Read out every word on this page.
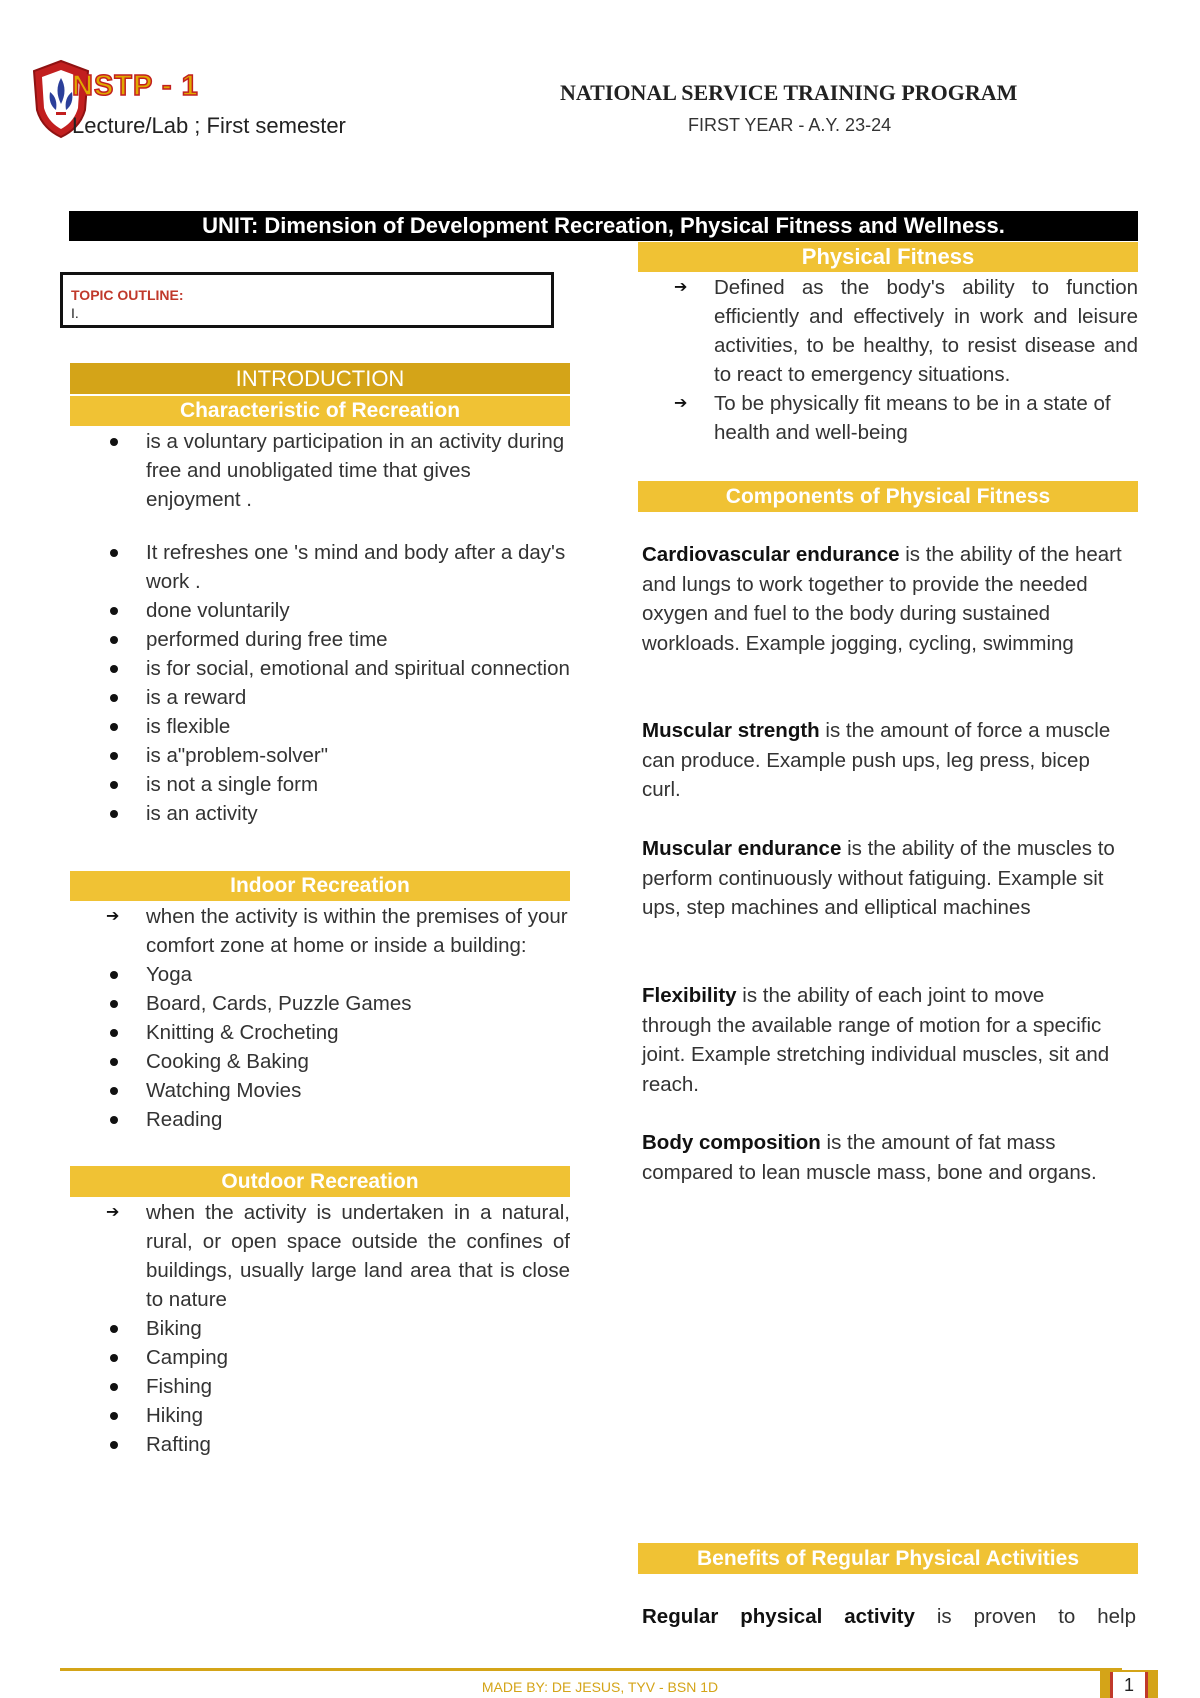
NSTP - 1
Lecture/Lab ; First semester
NATIONAL SERVICE TRAINING PROGRAM
FIRST YEAR - A.Y. 23-24
UNIT: Dimension of Development Recreation, Physical Fitness and Wellness.
TOPIC OUTLINE:
I.
INTRODUCTION
Characteristic of Recreation
is a voluntary participation in an activity during free and unobligated time that gives enjoyment .
It refreshes one 's mind and body after a day's work .
done voluntarily
performed during free time
is for social, emotional and spiritual connection
is a reward
is flexible
is a"problem-solver"
is not a single form
is an activity
Indoor Recreation
➔ when the activity is within the premises of your comfort zone at home or inside a building:
Yoga
Board, Cards, Puzzle Games
Knitting & Crocheting
Cooking & Baking
Watching Movies
Reading
Outdoor Recreation
➔ when the activity is undertaken in a natural, rural, or open space outside the confines of buildings, usually large land area that is close to nature
Biking
Camping
Fishing
Hiking
Rafting
Physical Fitness
➔ Defined as the body's ability to function efficiently and effectively in work and leisure activities, to be healthy, to resist disease and to react to emergency situations.
➔ To be physically fit means to be in a state of health and well-being
Components of Physical Fitness
Cardiovascular endurance is the ability of the heart and lungs to work together to provide the needed oxygen and fuel to the body during sustained workloads. Example jogging, cycling, swimming
Muscular strength is the amount of force a muscle can produce. Example push ups, leg press, bicep curl.
Muscular endurance is the ability of the muscles to perform continuously without fatiguing. Example sit ups, step machines and elliptical machines
Flexibility is the ability of each joint to move through the available range of motion for a specific joint. Example stretching individual muscles, sit and reach.
Body composition is the amount of fat mass compared to lean muscle mass, bone and organs.
Benefits of Regular Physical Activities
Regular physical activity is proven to help
MADE BY: DE JESUS, TYV - BSN 1D	1
